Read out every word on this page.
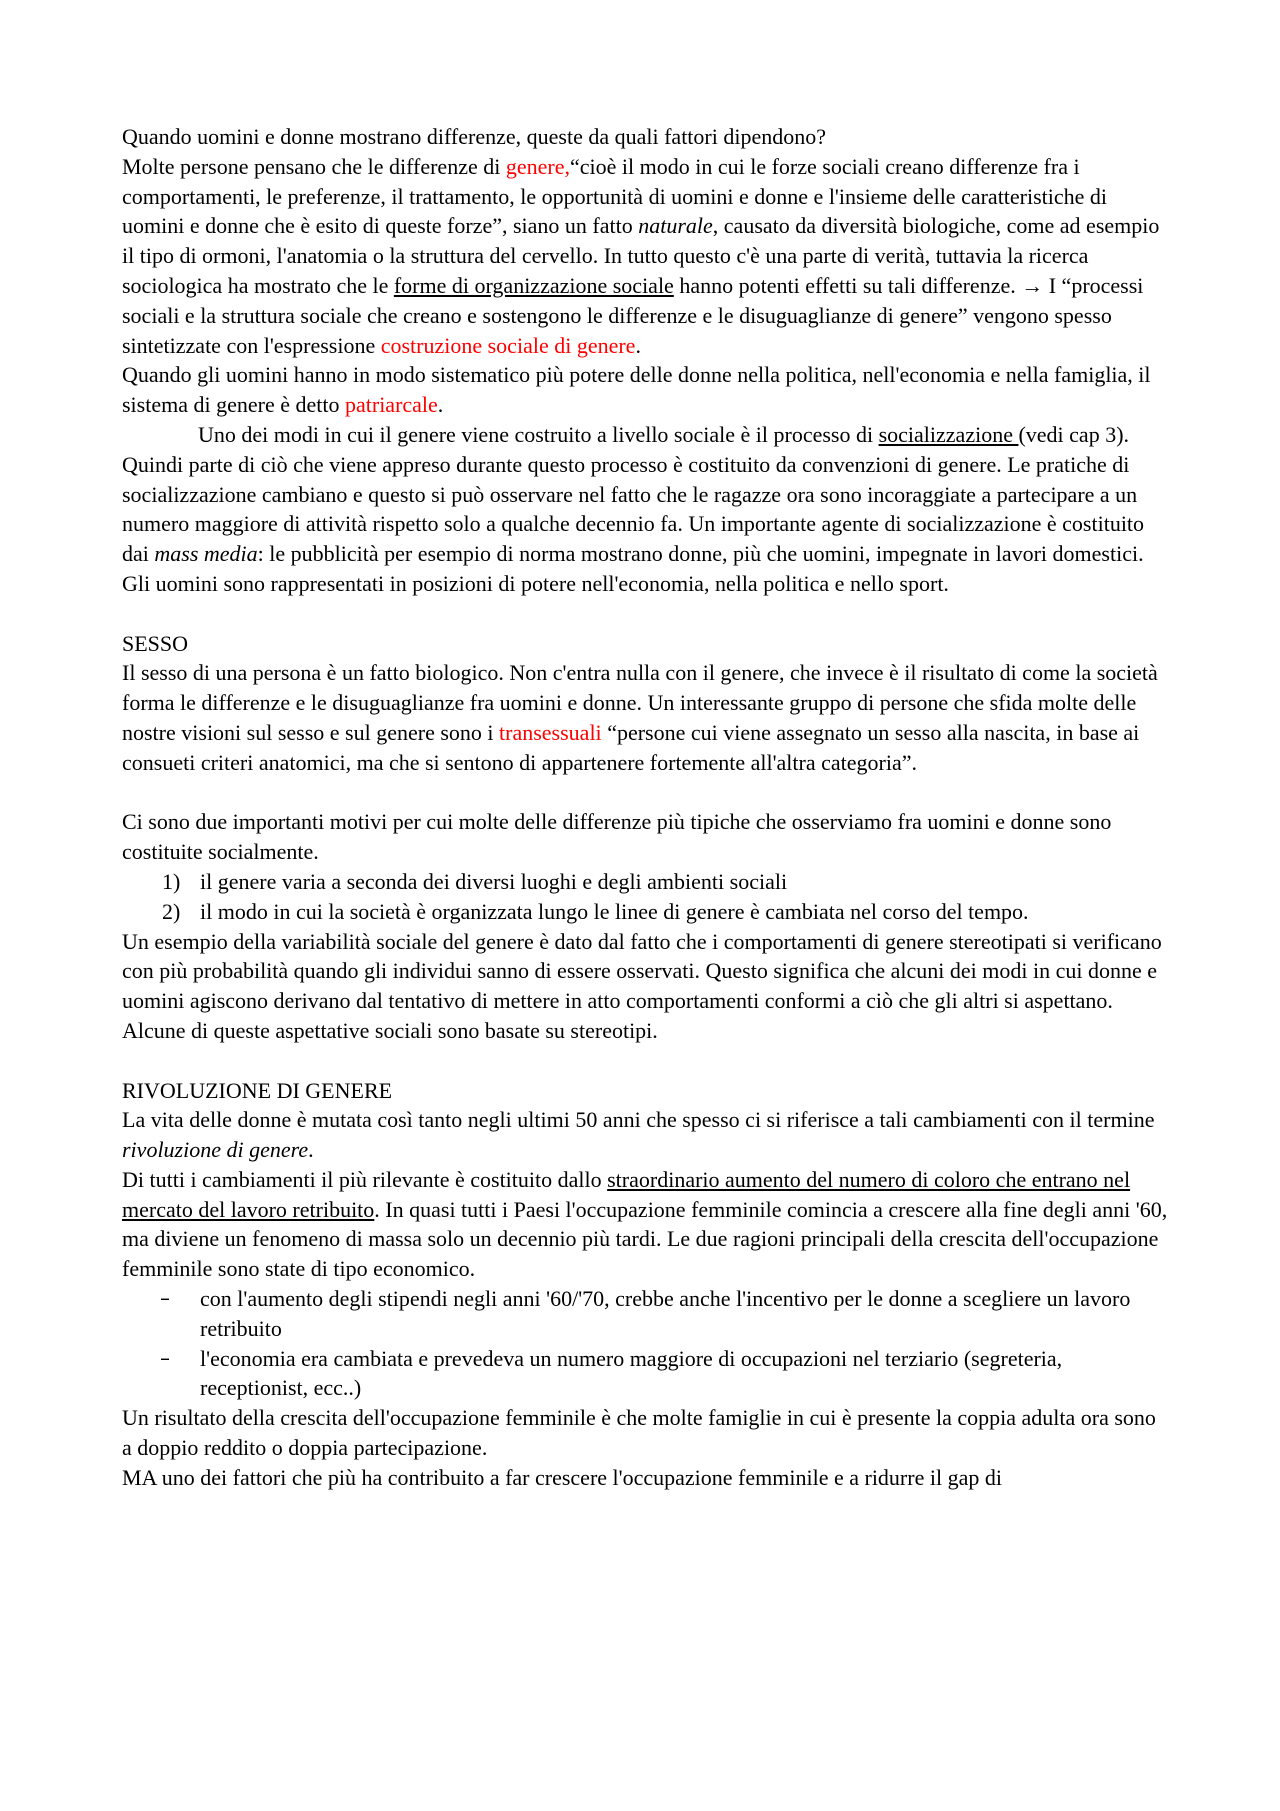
Quando uomini e donne mostrano differenze, queste da quali fattori dipendono?

Molte persone pensano che le differenze di genere,“cioè il modo in cui le forze sociali creano differenze fra i comportamenti, le preferenze, il trattamento, le opportunità di uomini e donne e l'insieme delle caratteristiche di uomini e donne che è esito di queste forze”, siano un fatto naturale, causato da diversità biologiche, come ad esempio il tipo di ormoni, l'anatomia o la struttura del cervello. In tutto questo c'è una parte di verità, tuttavia la ricerca sociologica ha mostrato che le forme di organizzazione sociale hanno potenti effetti su tali differenze. → I “processi sociali e la struttura sociale che creano e sostengono le differenze e le disuguaglianze di genere” vengono spesso sintetizzate con l'espressione costruzione sociale di genere.

Quando gli uomini hanno in modo sistematico più potere delle donne nella politica, nell'economia e nella famiglia, il sistema di genere è detto patriarcale.

Uno dei modi in cui il genere viene costruito a livello sociale è il processo di socializzazione (vedi cap 3). Quindi parte di ciò che viene appreso durante questo processo è costituito da convenzioni di genere. Le pratiche di socializzazione cambiano e questo si può osservare nel fatto che le ragazze ora sono incoraggiate a partecipare a un numero maggiore di attività rispetto solo a qualche decennio fa. Un importante agente di socializzazione è costituito dai mass media: le pubblicità per esempio di norma mostrano donne, più che uomini, impegnate in lavori domestici. Gli uomini sono rappresentati in posizioni di potere nell'economia, nella politica e nello sport.

SESSO

Il sesso di una persona è un fatto biologico. Non c'entra nulla con il genere, che invece è il risultato di come la società forma le differenze e le disuguaglianze fra uomini e donne. Un interessante gruppo di persone che sfida molte delle nostre visioni sul sesso e sul genere sono i transessuali “persone cui viene assegnato un sesso alla nascita, in base ai consueti criteri anatomici, ma che si sentono di appartenere fortemente all'altra categoria”.

Ci sono due importanti motivi per cui molte delle differenze più tipiche che osserviamo fra uomini e donne sono costituite socialmente.

1) il genere varia a seconda dei diversi luoghi e degli ambienti sociali
2) il modo in cui la società è organizzata lungo le linee di genere è cambiata nel corso del tempo.

Un esempio della variabilità sociale del genere è dato dal fatto che i comportamenti di genere stereotipati si verificano con più probabilità quando gli individui sanno di essere osservati. Questo significa che alcuni dei modi in cui donne e uomini agiscono derivano dal tentativo di mettere in atto comportamenti conformi a ciò che gli altri si aspettano. Alcune di queste aspettative sociali sono basate su stereotipi.

RIVOLUZIONE DI GENERE

La vita delle donne è mutata così tanto negli ultimi 50 anni che spesso ci si riferisce a tali cambiamenti con il termine rivoluzione di genere.

Di tutti i cambiamenti il più rilevante è costituito dallo straordinario aumento del numero di coloro che entrano nel mercato del lavoro retribuito. In quasi tutti i Paesi l'occupazione femminile comincia a crescere alla fine degli anni '60, ma diviene un fenomeno di massa solo un decennio più tardi. Le due ragioni principali della crescita dell'occupazione femminile sono state di tipo economico.

– con l'aumento degli stipendi negli anni '60/'70, crebbe anche l'incentivo per le donne a scegliere un lavoro retribuito
– l'economia era cambiata e prevedeva un numero maggiore di occupazioni nel terziario (segreteria, receptionist, ecc..)

Un risultato della crescita dell'occupazione femminile è che molte famiglie in cui è presente la coppia adulta ora sono a doppio reddito o doppia partecipazione.

MA uno dei fattori che più ha contribuito a far crescere l'occupazione femminile e a ridurre il gap di
